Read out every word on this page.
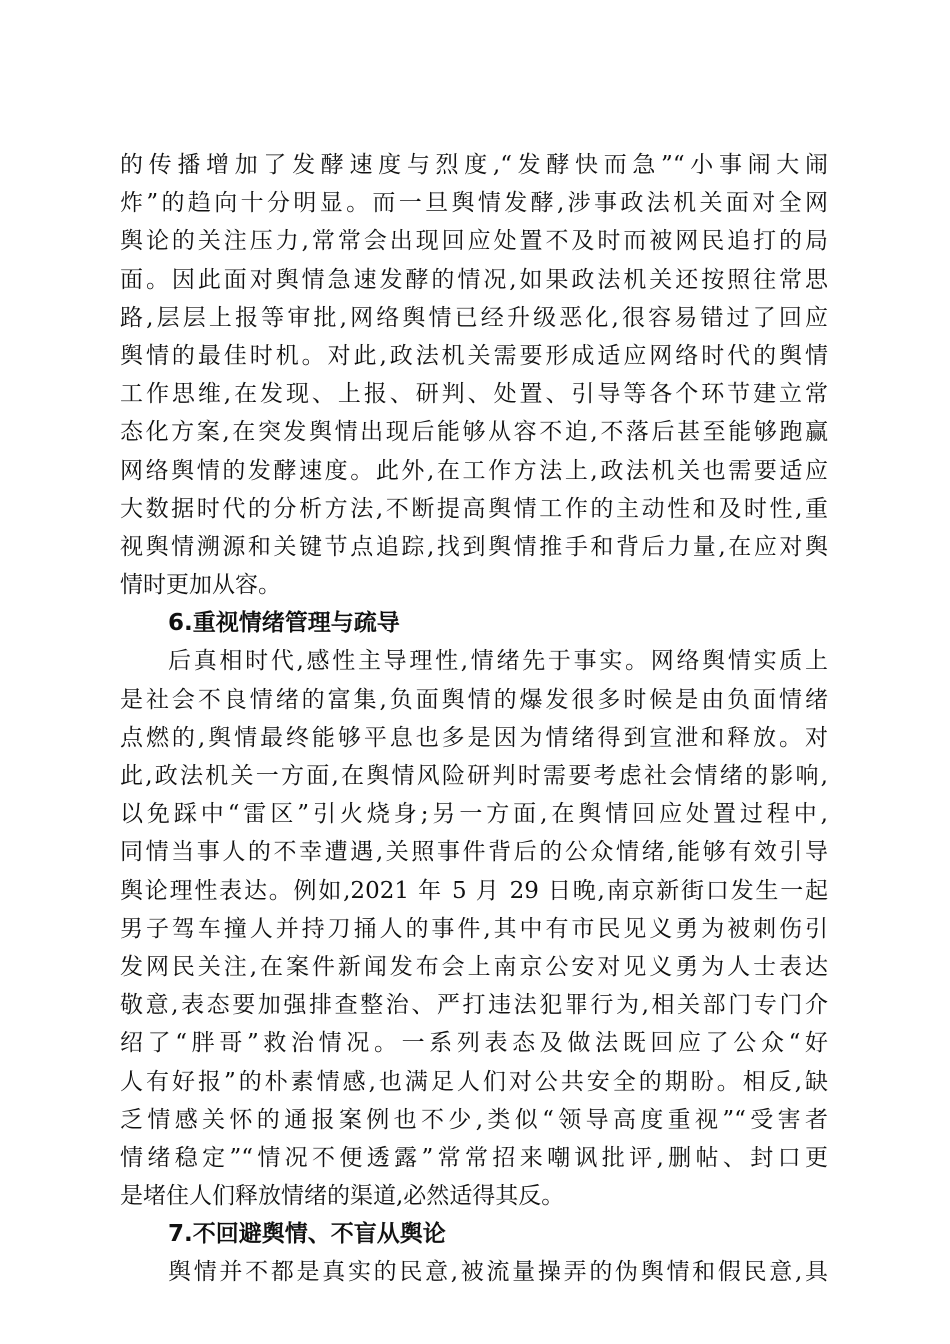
的传播增加了发酵速度与烈度,“发酵快而急”“小事闹大闹
炸”的趋向十分明显。而一旦舆情发酵,涉事政法机关面对全网
舆论的关注压力,常常会出现回应处置不及时而被网民追打的局
面。因此面对舆情急速发酵的情况,如果政法机关还按照往常思
路,层层上报等审批,网络舆情已经升级恶化,很容易错过了回应
舆情的最佳时机。对此,政法机关需要形成适应网络时代的舆情
工作思维,在发现、上报、研判、处置、引导等各个环节建立常
态化方案,在突发舆情出现后能够从容不迫,不落后甚至能够跑赢
网络舆情的发酵速度。此外,在工作方法上,政法机关也需要适应
大数据时代的分析方法,不断提高舆情工作的主动性和及时性,重
视舆情溯源和关键节点追踪,找到舆情推手和背后力量,在应对舆
情时更加从容。
6.重视情绪管理与疏导
后真相时代,感性主导理性,情绪先于事实。网络舆情实质上
是社会不良情绪的富集,负面舆情的爆发很多时候是由负面情绪
点燃的,舆情最终能够平息也多是因为情绪得到宣泄和释放。对
此,政法机关一方面,在舆情风险研判时需要考虑社会情绪的影响,
以免踩中“雷区”引火烧身;另一方面,在舆情回应处置过程中,
同情当事人的不幸遭遇,关照事件背后的公众情绪,能够有效引导
舆论理性表达。例如,2021 年 5 月 29 日晚,南京新街口发生一起
男子驾车撞人并持刀捅人的事件,其中有市民见义勇为被刺伤引
发网民关注,在案件新闻发布会上南京公安对见义勇为人士表达
敬意,表态要加强排查整治、严打违法犯罪行为,相关部门专门介
绍了“胖哥”救治情况。一系列表态及做法既回应了公众“好
人有好报”的朴素情感,也满足人们对公共安全的期盼。相反,缺
乏情感关怀的通报案例也不少,类似“领导高度重视”“受害者
情绪稳定”“情况不便透露”常常招来嘲讽批评,删帖、封口更
是堵住人们释放情绪的渠道,必然适得其反。
7.不回避舆情、不盲从舆论
舆情并不都是真实的民意,被流量操弄的伪舆情和假民意,具
